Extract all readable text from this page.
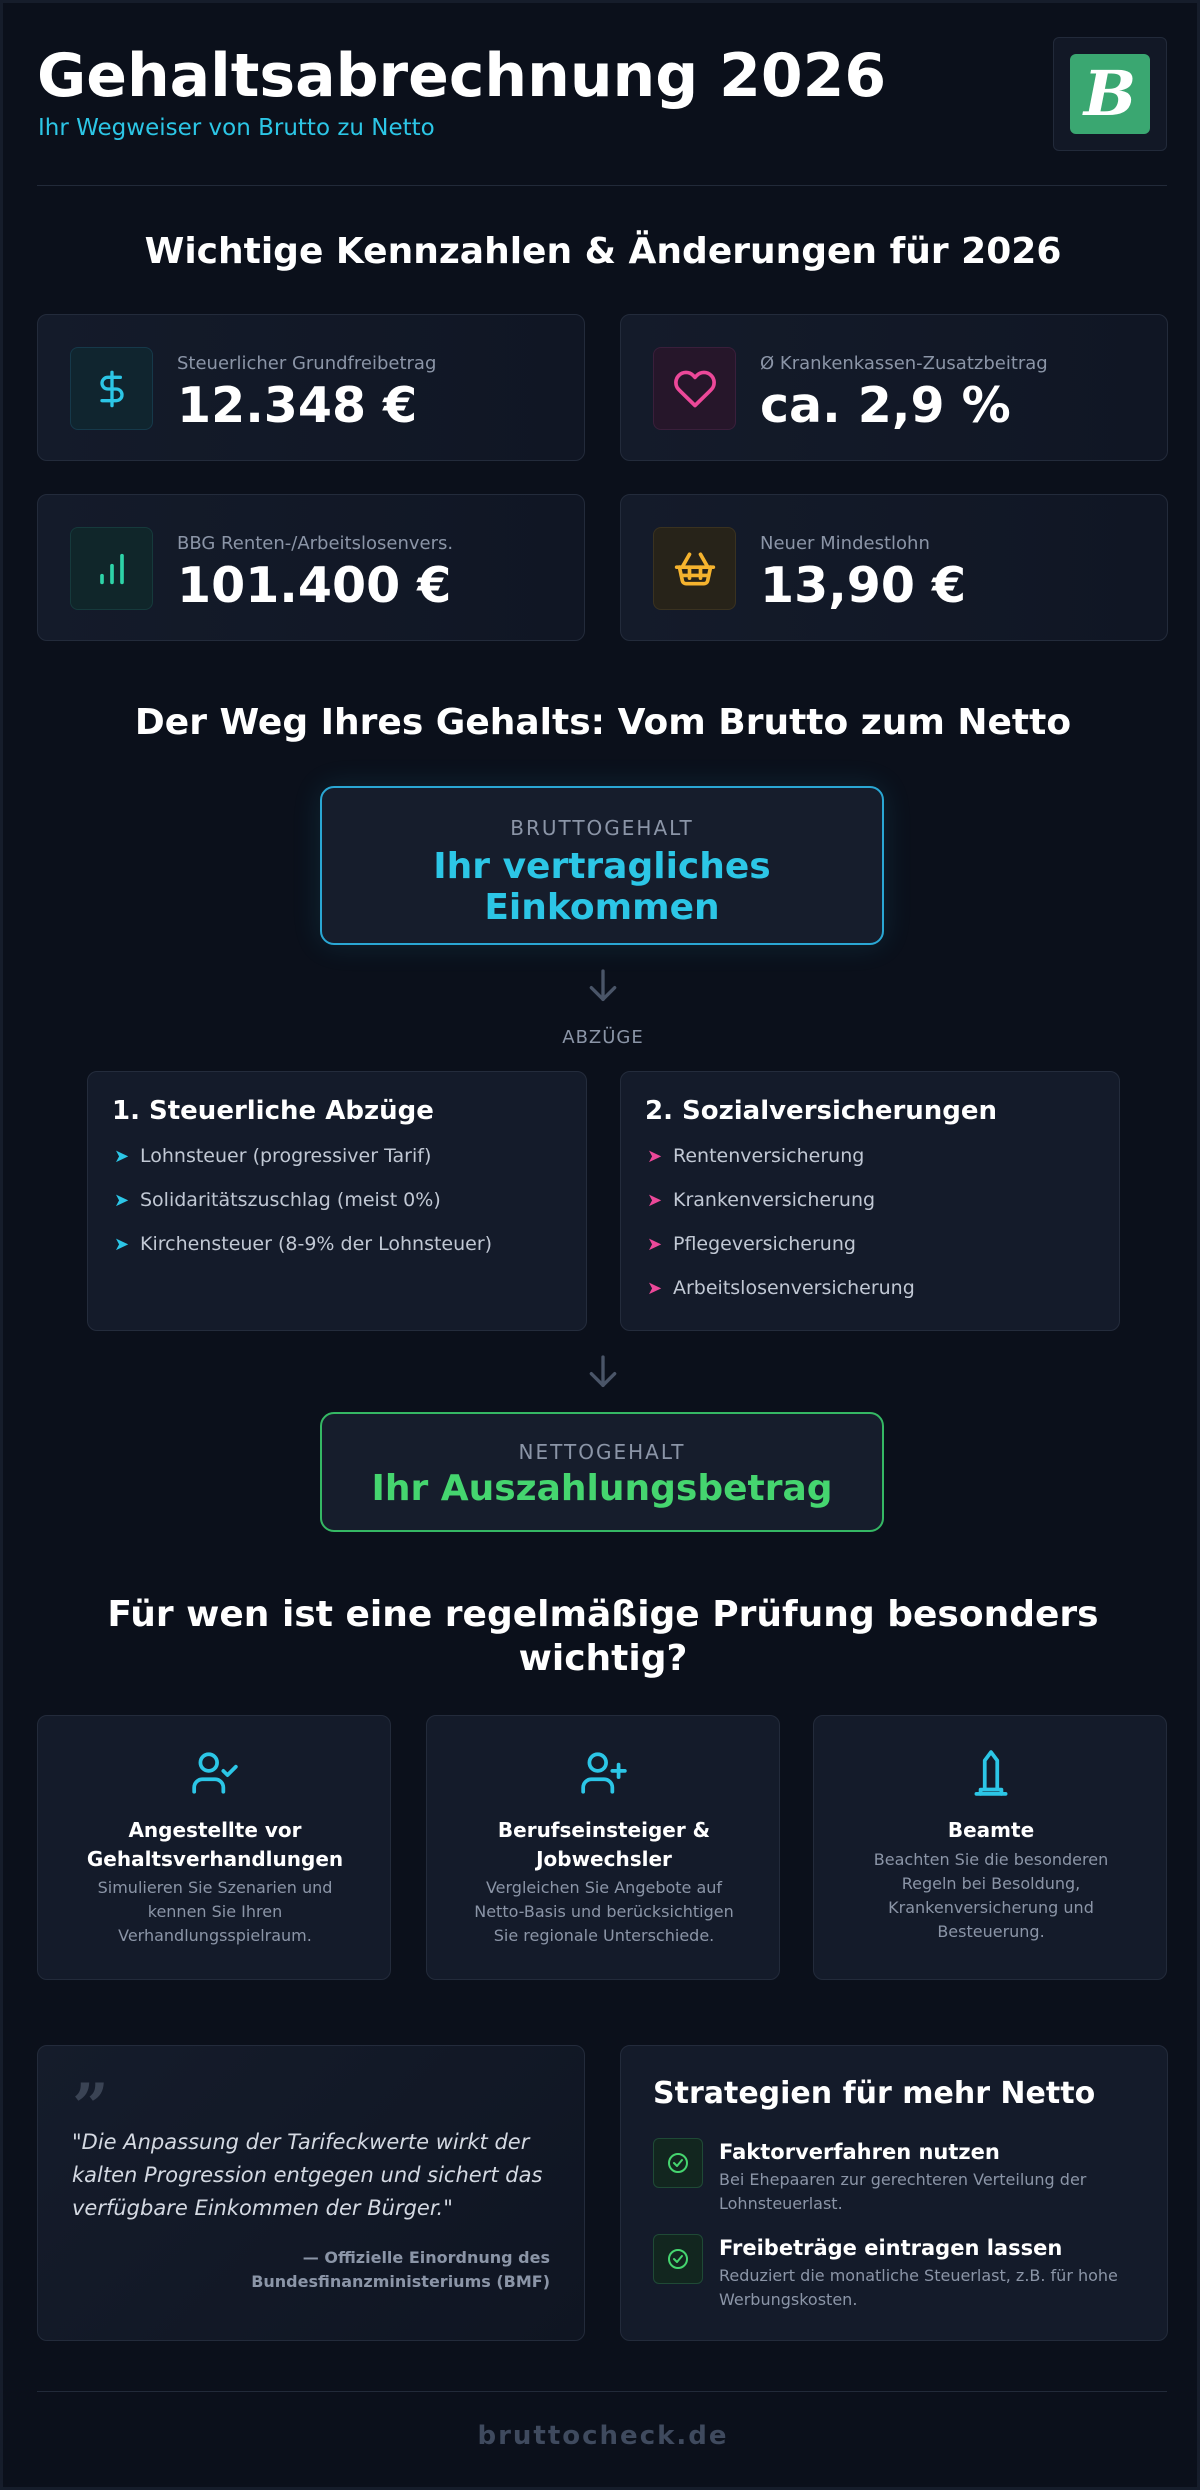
Gehaltsabrechnung 2026
Ihr Wegweiser von Brutto zu Netto	B
Wichtige Kennzahlen & Änderungen für 2026
Steuerlicher Grundfreibetrag
12.348 €
Ø Krankenkassen-Zusatzbeitrag
ca. 2,9 %
BBG Renten-/Arbeitslosenvers.
101.400 €
Neuer Mindestlohn
13,90 €
Der Weg Ihres Gehalts: Vom Brutto zum Netto
BRUTTOGEHALT
Ihr vertragliches
Einkommen
ABZÜGE
1. Steuerliche Abzüge
➤ Lohnsteuer (progressiver Tarif)
➤ Solidaritätszuschlag (meist 0%)
➤ Kirchensteuer (8-9% der Lohnsteuer)
2. Sozialversicherungen
➤ Rentenversicherung
➤ Krankenversicherung
➤ Pflegeversicherung
➤ Arbeitslosenversicherung
NETTOGEHALT
Ihr Auszahlungsbetrag
Für wen ist eine regelmäßige Prüfung besonders
wichtig?
Angestellte vor
Gehaltsverhandlungen
Simulieren Sie Szenarien und
kennen Sie Ihren
Verhandlungsspielraum.
Berufseinsteiger &
Jobwechsler
Vergleichen Sie Angebote auf
Netto-Basis und berücksichtigen
Sie regionale Unterschiede.
Beamte
Beachten Sie die besonderen
Regeln bei Besoldung,
Krankenversicherung und
Besteuerung.
”
"Die Anpassung der Tarifeckwerte wirkt der kalten Progression entgegen und sichert das verfügbare Einkommen der Bürger."
— Offizielle Einordnung des
Bundesfinanzministeriums (BMF)
Strategien für mehr Netto
Faktorverfahren nutzen
Bei Ehepaaren zur gerechteren Verteilung der Lohnsteuerlast.
Freibeträge eintragen lassen
Reduziert die monatliche Steuerlast, z.B. für hohe Werbungskosten.
bruttocheck.de
